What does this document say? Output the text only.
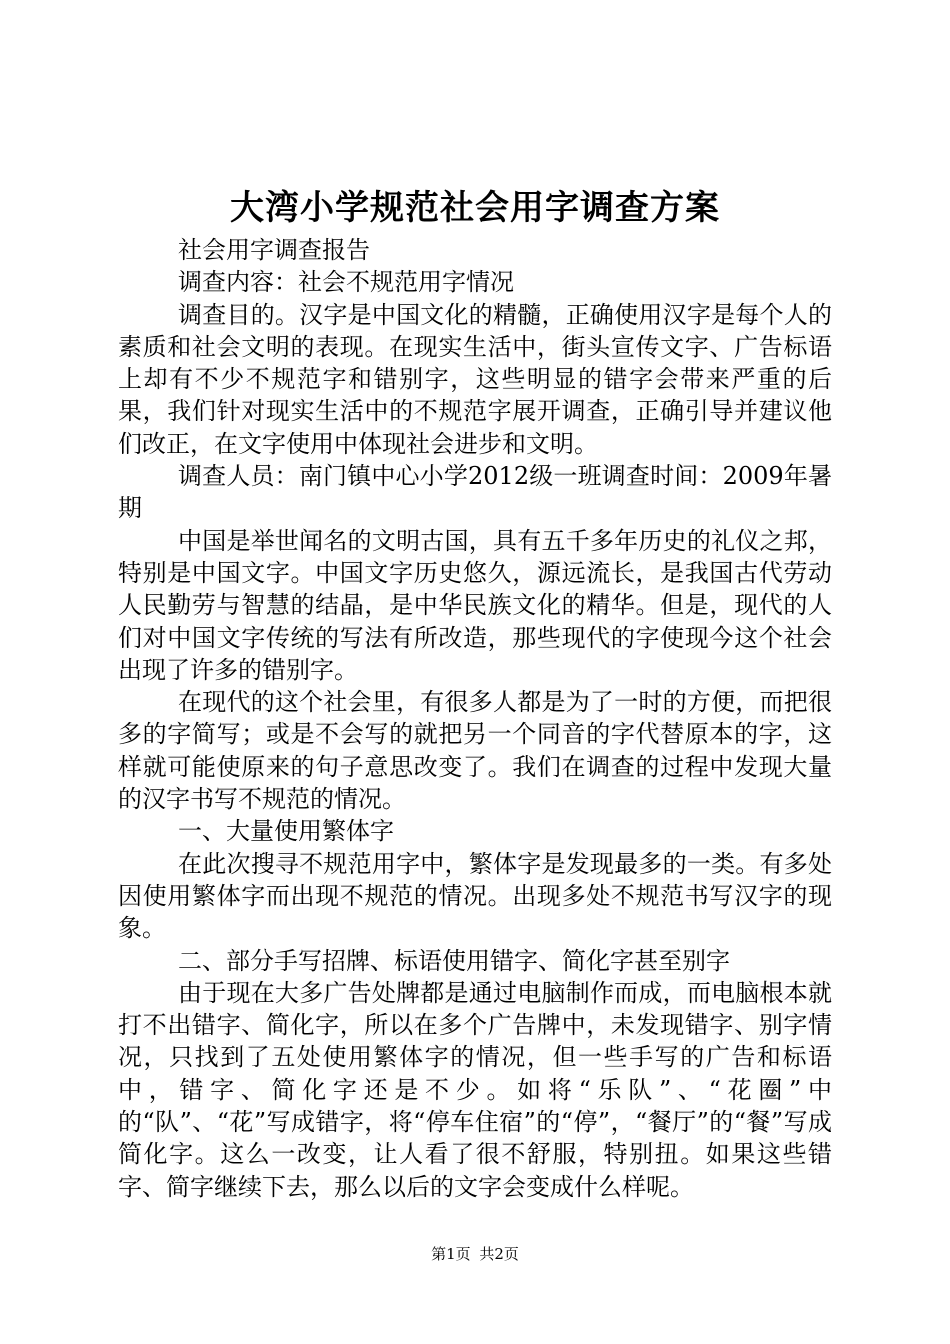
大湾小学规范社会用字调查方案

社会用字调查报告

调查内容：社会不规范用字情况

调查目的。汉字是中国文化的精髓，正确使用汉字是每个人的素质和社会文明的表现。在现实生活中，街头宣传文字、广告标语上却有不少不规范字和错别字，这些明显的错字会带来严重的后果，我们针对现实生活中的不规范字展开调查，正确引导并建议他们改正，在文字使用中体现社会进步和文明。

调查人员：南门镇中心小学2012级一班调查时间：2009年暑期

中国是举世闻名的文明古国，具有五千多年历史的礼仪之邦，特别是中国文字。中国文字历史悠久，源远流长，是我国古代劳动人民勤劳与智慧的结晶，是中华民族文化的精华。但是，现代的人们对中国文字传统的写法有所改造，那些现代的字使现今这个社会出现了许多的错别字。

在现代的这个社会里，有很多人都是为了一时的方便，而把很多的字简写；或是不会写的就把另一个同音的字代替原本的字，这样就可能使原来的句子意思改变了。我们在调查的过程中发现大量的汉字书写不规范的情况。

一、大量使用繁体字

在此次搜寻不规范用字中，繁体字是发现最多的一类。有多处因使用繁体字而出现不规范的情况。出现多处不规范书写汉字的现象。

二、部分手写招牌、标语使用错字、简化字甚至别字

由于现在大多广告处牌都是通过电脑制作而成，而电脑根本就打不出错字、简化字，所以在多个广告牌中，未发现错字、别字情况，只找到了五处使用繁体字的情况，但一些手写的广告和标语中，错字、简化字还是不少。如将“乐队”、“花圈”中的“队”、“花”写成错字，将“停车住宿”的“停”，“餐厅”的“餐”写成简化字。这么一改变，让人看了很不舒服，特别扭。如果这些错字、简字继续下去，那么以后的文字会变成什么样呢。

第1页 共2页
